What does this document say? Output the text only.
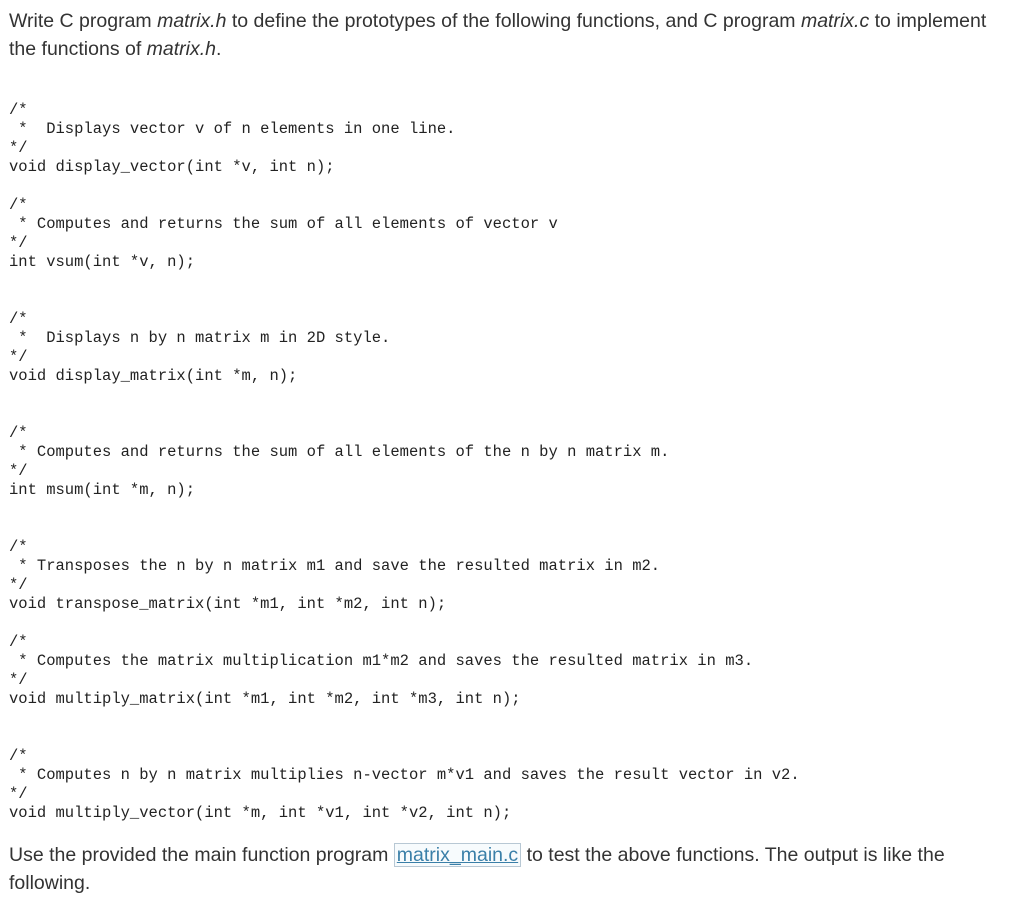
Write C program matrix.h to define the prototypes of the following functions, and C program matrix.c to implement the functions of matrix.h.

/*
*  Displays vector v of n elements in one line.
*/
void display_vector(int *v, int n);
/*
* Computes and returns the sum of all elements of vector v
*/
int vsum(int *v, n);
/*
*  Displays n by n matrix m in 2D style.
*/
void display_matrix(int *m, n);
/*
* Computes and returns the sum of all elements of the n by n matrix m.
*/
int msum(int *m, n);
/*
* Transposes the n by n matrix m1 and save the resulted matrix in m2.
*/
void transpose_matrix(int *m1, int *m2, int n);
/*
* Computes the matrix multiplication m1*m2 and saves the resulted matrix in m3.
*/
void multiply_matrix(int *m1, int *m2, int *m3, int n);
/*
* Computes n by n matrix multiplies n-vector m*v1 and saves the result vector in v2.
*/
void multiply_vector(int *m, int *v1, int *v2, int n);

Use the provided the main function program matrix_main.c to test the above functions. The output is like the following.
